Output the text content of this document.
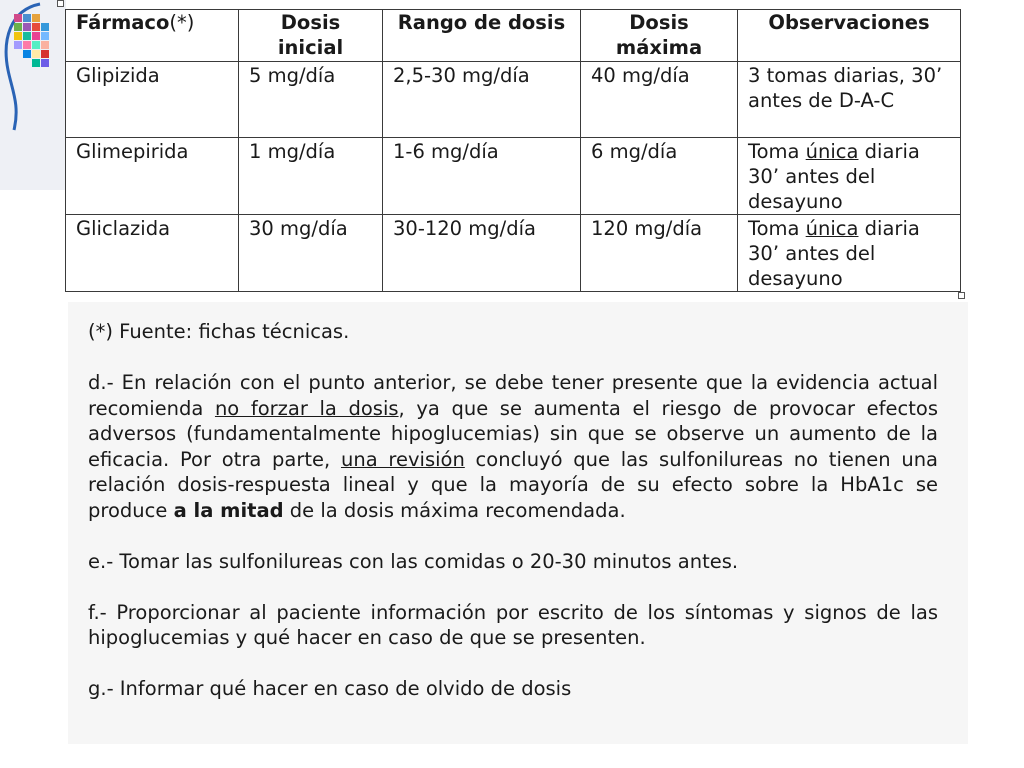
Fármaco(*)	Dosis inicial	Rango de dosis	Dosis máxima	Observaciones
Glipizida	5 mg/día	2,5-30 mg/día	40 mg/día	3 tomas diarias, 30’ antes de D-A-C
Glimepirida	1 mg/día	1-6 mg/día	6 mg/día	Toma única diaria 30’ antes del desayuno
Gliclazida	30 mg/día	30-120 mg/día	120 mg/día	Toma única diaria 30’ antes del desayuno

(*) Fuente: fichas técnicas.

d.- En relación con el punto anterior, se debe tener presente que la evidencia actual recomienda no forzar la dosis, ya que se aumenta el riesgo de provocar efectos adversos (fundamentalmente hipoglucemias) sin que se observe un aumento de la eficacia. Por otra parte, una revisión concluyó que las sulfonilureas no tienen una relación dosis-respuesta lineal y que la mayoría de su efecto sobre la HbA1c se produce a la mitad de la dosis máxima recomendada.

e.- Tomar las sulfonilureas con las comidas o 20-30 minutos antes.

f.- Proporcionar al paciente información por escrito de los síntomas y signos de las hipoglucemias y qué hacer en caso de que se presenten.

g.- Informar qué hacer en caso de olvido de dosis
